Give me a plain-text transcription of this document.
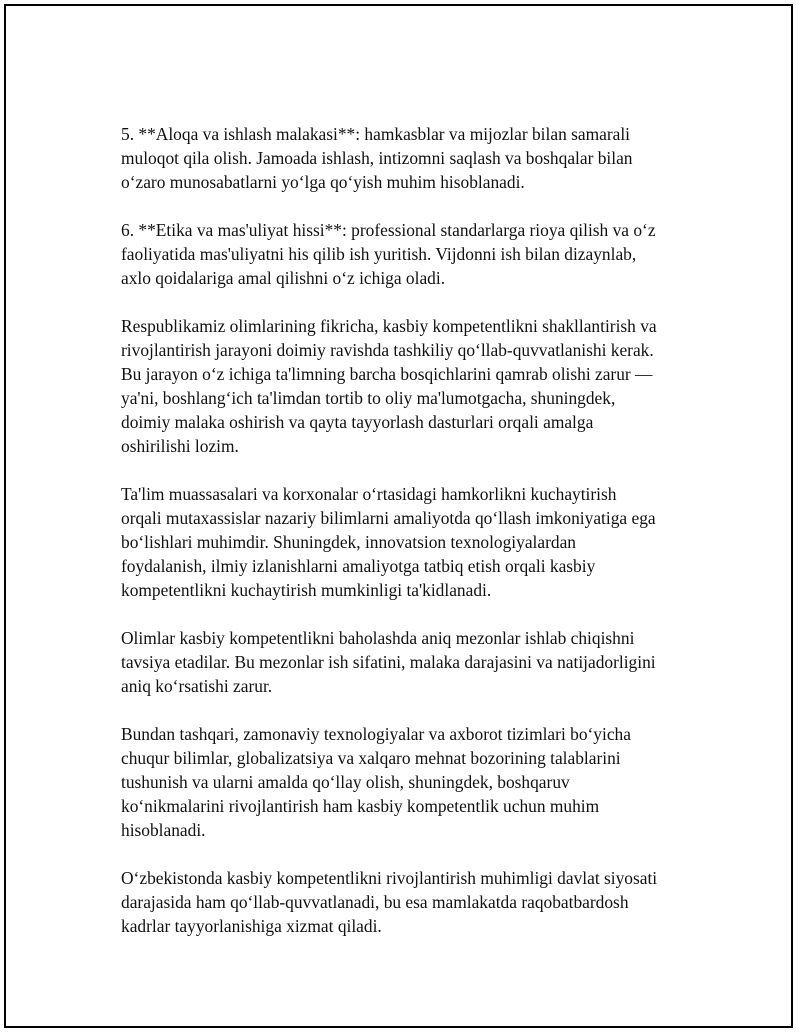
5. **Aloqa va ishlash malakasi**: hamkasblar va mijozlar bilan samarali
muloqot qila olish. Jamoada ishlash, intizomni saqlash va boshqalar bilan
o‘zaro munosabatlarni yo‘lga qo‘yish muhim hisoblanadi.

6. **Etika va mas'uliyat hissi**: professional standarlarga rioya qilish va o‘z
faoliyatida mas'uliyatni his qilib ish yuritish. Vijdonni ish bilan dizaynlab,
axlo qoidalariga amal qilishni o‘z ichiga oladi.

Respublikamiz olimlarining fikricha, kasbiy kompetentlikni shakllantirish va
rivojlantirish jarayoni doimiy ravishda tashkiliy qo‘llab-quvvatlanishi kerak.
Bu jarayon o‘z ichiga ta'limning barcha bosqichlarini qamrab olishi zarur —
ya'ni, boshlang‘ich ta'limdan tortib to oliy ma'lumotgacha, shuningdek,
doimiy malaka oshirish va qayta tayyorlash dasturlari orqali amalga
oshirilishi lozim.

Ta'lim muassasalari va korxonalar o‘rtasidagi hamkorlikni kuchaytirish
orqali mutaxassislar nazariy bilimlarni amaliyotda qo‘llash imkoniyatiga ega
bo‘lishlari muhimdir. Shuningdek, innovatsion texnologiyalardan
foydalanish, ilmiy izlanishlarni amaliyotga tatbiq etish orqali kasbiy
kompetentlikni kuchaytirish mumkinligi ta'kidlanadi.

Olimlar kasbiy kompetentlikni baholashda aniq mezonlar ishlab chiqishni
tavsiya etadilar. Bu mezonlar ish sifatini, malaka darajasini va natijadorligini
aniq ko‘rsatishi zarur.

Bundan tashqari, zamonaviy texnologiyalar va axborot tizimlari bo‘yicha
chuqur bilimlar, globalizatsiya va xalqaro mehnat bozorining talablarini
tushunish va ularni amalda qo‘llay olish, shuningdek, boshqaruv
ko‘nikmalarini rivojlantirish ham kasbiy kompetentlik uchun muhim
hisoblanadi.

O‘zbekistonda kasbiy kompetentlikni rivojlantirish muhimligi davlat siyosati
darajasida ham qo‘llab-quvvatlanadi, bu esa mamlakatda raqobatbardosh
kadrlar tayyorlanishiga xizmat qiladi.
